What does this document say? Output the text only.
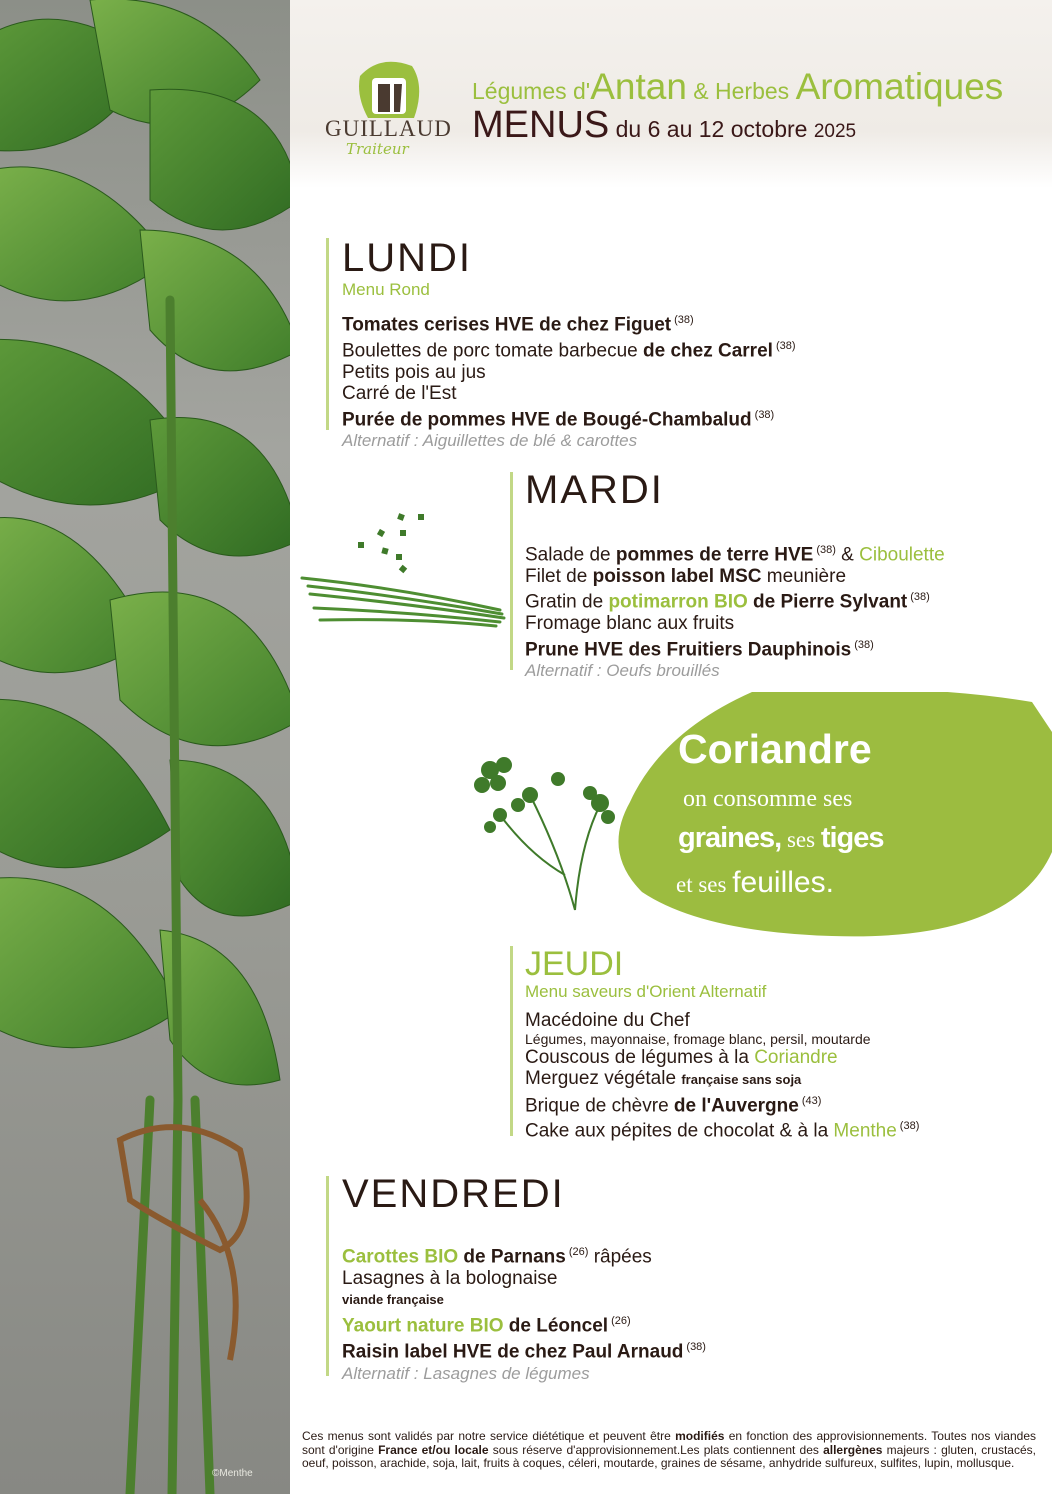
©Menthe
GUILLAUD
Traiteur
Légumes d'Antan & Herbes Aromatiques
MENUS du 6 au 12 octobre 2025
LUNDI
Menu Rond
Tomates cerises HVE de chez Figuet $^{(38)}$
Boulettes de porc tomate barbecue de chez Carrel $^{(38)}$
Petits pois au jus
Carré de l'Est
Purée de pommes HVE de Bougé-Chambalud $^{(38)}$
Alternatif : Aiguillettes de blé & carottes
MARDI
Salade de pommes de terre HVE $^{(38)}$ & Ciboulette
Filet de poisson label MSC meunière
Gratin de potimarron BIO de Pierre Sylvant $^{(38)}$
Fromage blanc aux fruits
Prune HVE des Fruitiers Dauphinois $^{(38)}$
Alternatif : Oeufs brouillés
Coriandre
on consomme ses
graines, ses tiges
et ses feuilles.
JEUDI
Menu saveurs d'Orient Alternatif
Macédoine du Chef
Légumes, mayonnaise, fromage blanc, persil, moutarde
Couscous de légumes à la Coriandre
Merguez végétale française sans soja
Brique de chèvre de l'Auvergne $^{(43)}$
Cake aux pépites de chocolat & à la Menthe $^{(38)}$
VENDREDI
Carottes BIO de Parnans $^{(26)}$ râpées
Lasagnes à la bolognaise
viande française
Yaourt nature BIO de Léoncel $^{(26)}$
Raisin label HVE de chez Paul Arnaud $^{(38)}$
Alternatif : Lasagnes de légumes
Ces menus sont validés par notre service diététique et peuvent être modifiés en fonction des approvisionnements. Toutes nos viandes sont d'origine France et/ou locale sous réserve d'approvisionnement.Les plats contiennent des allergènes majeurs : gluten, crustacés, oeuf, poisson, arachide, soja, lait, fruits à coques, céleri, moutarde, graines de sésame, anhydride sulfureux, sulfites, lupin, mollusque.
